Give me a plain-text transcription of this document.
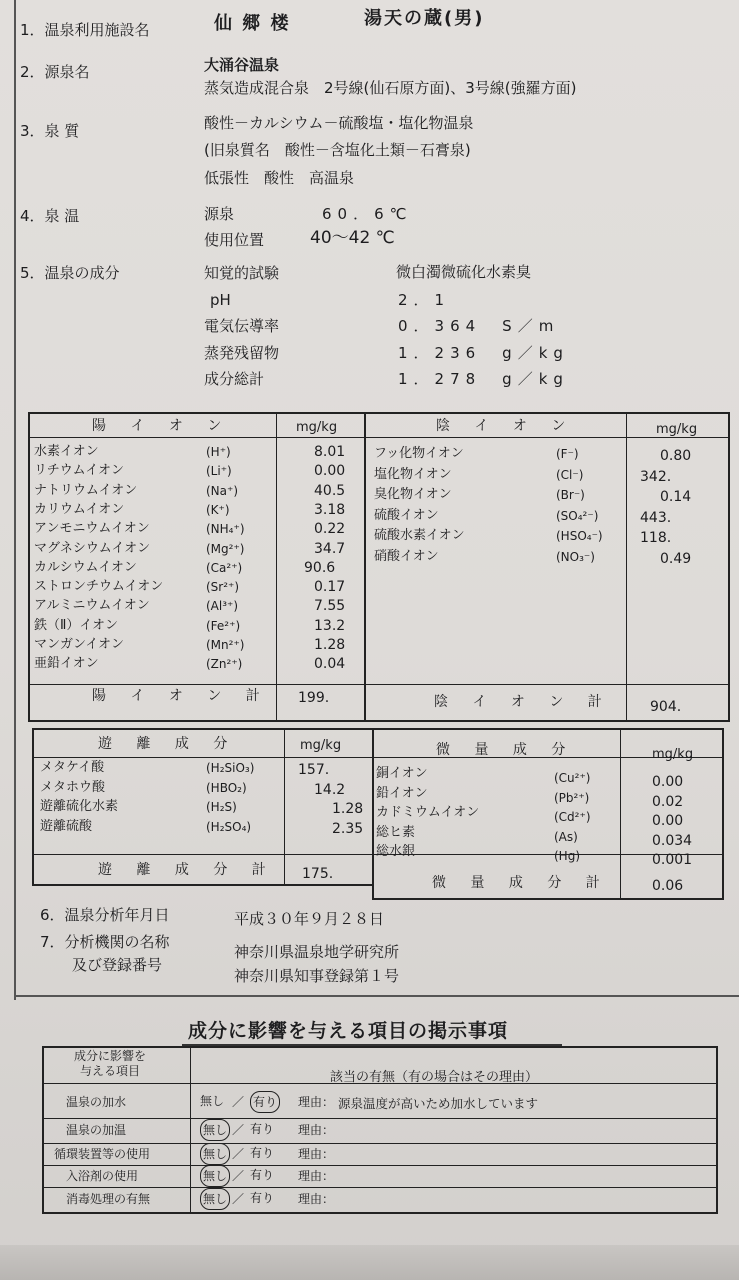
1．温泉利用施設名	仙 郷 楼	湯天の蔵(男)
2．源泉名	大涌谷温泉
蒸気造成混合泉　2号線(仙石原方面)、3号線(強羅方面)
3．泉 質	酸性－カルシウム－硫酸塩・塩化物温泉
(旧泉質名　酸性－含塩化土類－石膏泉)
低張性　酸性　高温泉
4．泉 温	源泉	60．6℃
使用位置	40～42 ℃
5．温泉の成分	知覚的試験	微白濁微硫化水素臭
pH	2．1
電気伝導率	0．364　S／m
蒸発残留物	1．236　g／kg
成分総計	1．278　g／kg
陽 イ オ ン	mg/kg	陰 イ オ ン	mg/kg
水素イオン	(H⁺)	8.01
リチウムイオン	(Li⁺)	0.00
ナトリウムイオン	(Na⁺)	40.5
カリウムイオン	(K⁺)	3.18
アンモニウムイオン	(NH₄⁺)	0.22
マグネシウムイオン	(Mg²⁺)	34.7
カルシウムイオン	(Ca²⁺)	90.6
ストロンチウムイオン	(Sr²⁺)	0.17
アルミニウムイオン	(Al³⁺)	7.55
鉄（Ⅱ）イオン	(Fe²⁺)	13.2
マンガンイオン	(Mn²⁺)	1.28
亜鉛イオン	(Zn²⁺)	0.04
フッ化物イオン	(F⁻)	0.80
塩化物イオン	(Cl⁻)	342.
臭化物イオン	(Br⁻)	0.14
硫酸イオン	(SO₄²⁻)	443.
硫酸水素イオン	(HSO₄⁻)	118.
硝酸イオン	(NO₃⁻)	0.49
陽 イ オ ン 計 199.	陰 イ オ ン 計	904.
遊 離 成 分	mg/kg	微 量 成 分	mg/kg
メタケイ酸	(H₂SiO₃)	157.
メタホウ酸	(HBO₂)	14.2
遊離硫化水素	(H₂S)	1.28
遊離硫酸	(H₂SO₄)	2.35
銅イオン	(Cu²⁺)	0.00
鉛イオン	(Pb²⁺)	0.02
カドミウムイオン	(Cd²⁺)	0.00
総ヒ素	(As)	0.034
総水銀	(Hg)	0.001
遊 離 成 分 計 175.
微 量 成 分 計	0.06
6．温泉分析年月日	平成３０年９月２８日
7．分析機関の名称
及び登録番号
神奈川県温泉地学研究所
神奈川県知事登録第１号
成分に影響を与える項目の掲示事項
成分に影響を
与える項目	該当の有無（有の場合はその理由）
温泉の加水	無し ／ 有り 理由： 源泉温度が高いため加水しています
温泉の加温	無し ／ 有り 理由：
循環装置等の使用	無し ／ 有り 理由：
入浴剤の使用	無し ／ 有り 理由：
消毒処理の有無	無し ／ 有り 理由：
